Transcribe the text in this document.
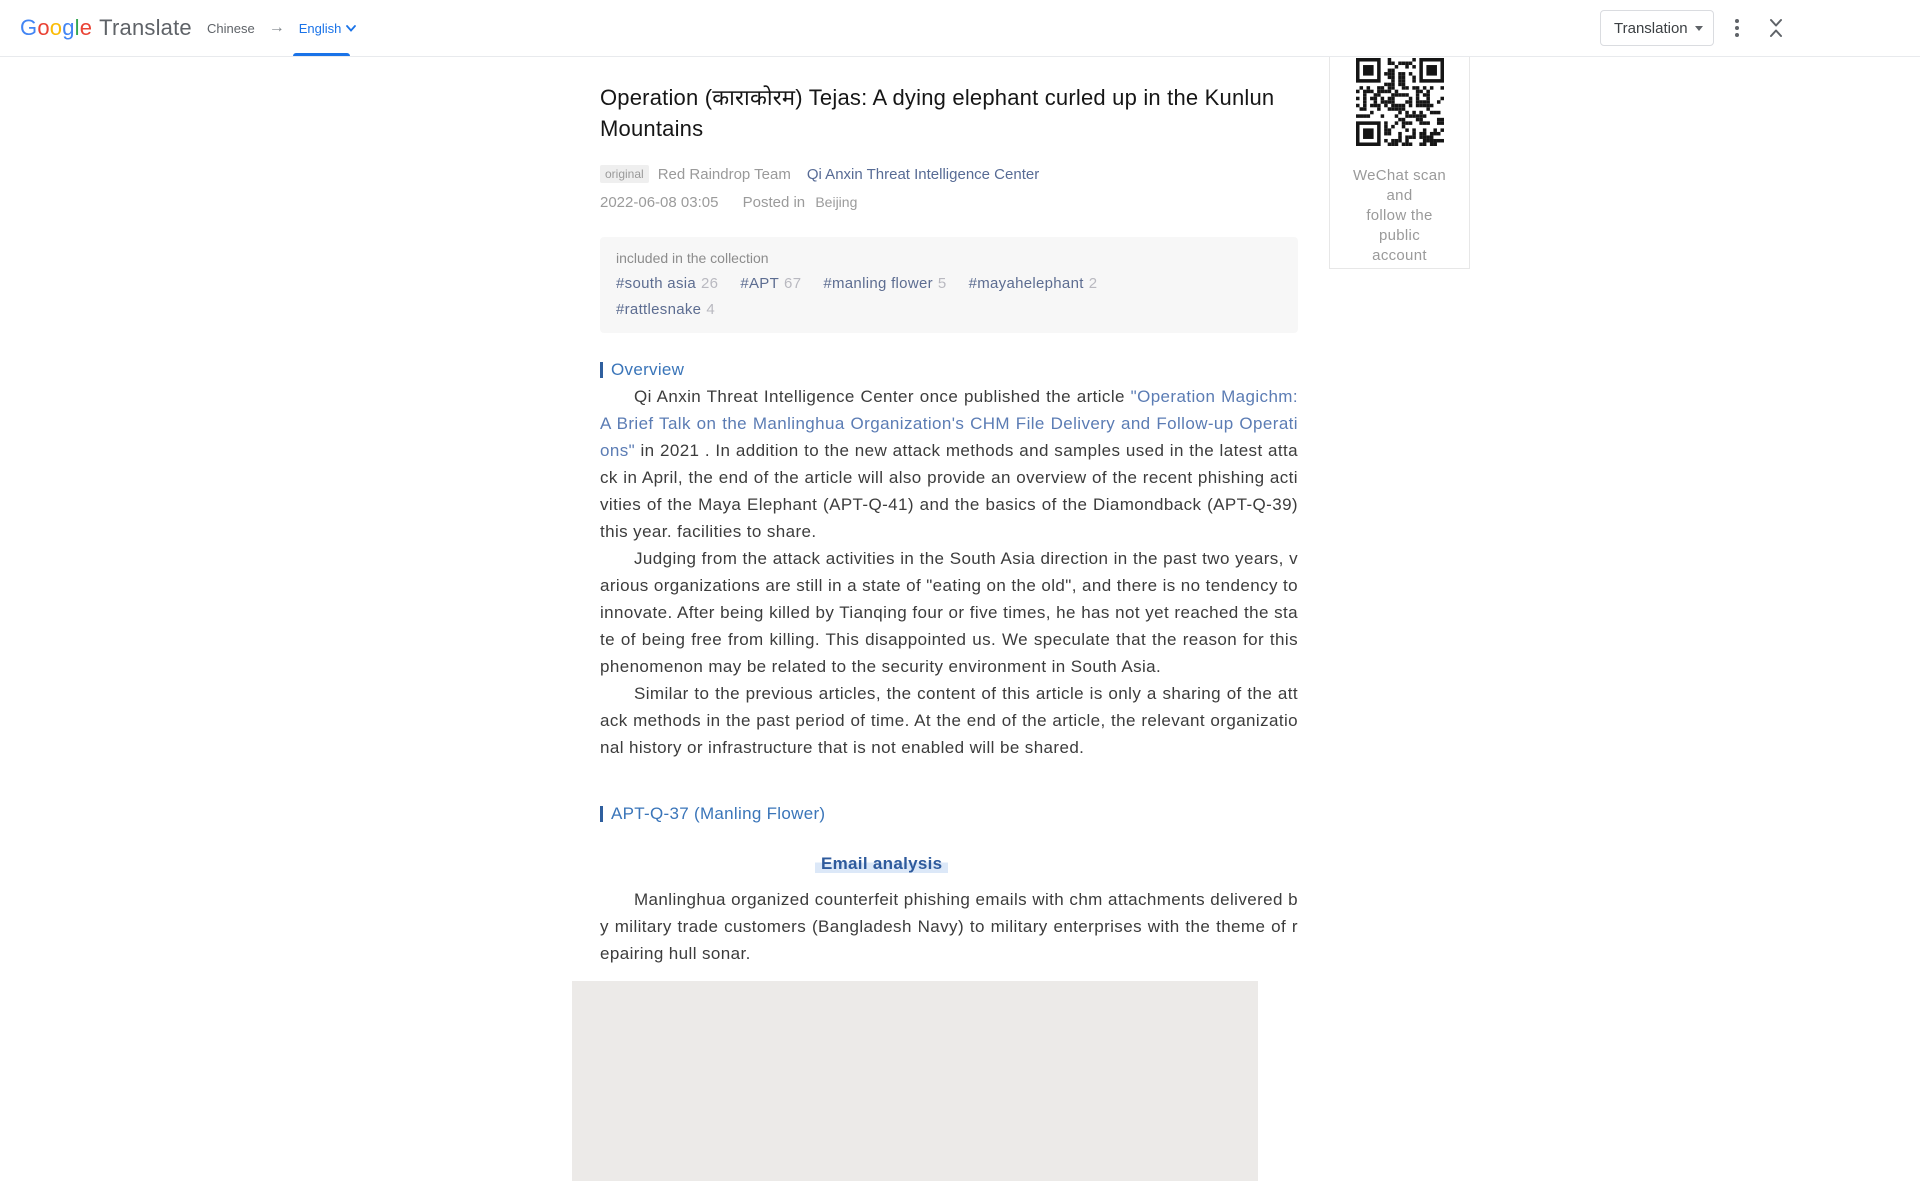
G o o g l e Translate Chinese → English	Translation
Operation (काराकोरम) Tejas: A dying elephant curled up in the Kunlun Mountains
original Red Raindrop Team Qi Anxin Threat Intelligence Center
2022-06-08 03:05 Posted in Beijing
included in the collection
#south asia 26 #APT 67 #manling flower 5 #mayahelephant 2
#rattlesnake 4
Overview

Qi Anxin Threat Intelligence Center once published the article "Operation Magichm: A Brief Talk on the Manlinghua Organization's CHM File Delivery and Follow-up Operations" in 2021 . In addition to the new attack methods and samples used in the latest attack in April, the end of the article will also provide an overview of the recent phishing activities of the Maya Elephant (APT-Q-41) and the basics of the Diamondback (APT-Q-39) this year. facilities to share.

Judging from the attack activities in the South Asia direction in the past two years, various organizations are still in a state of "eating on the old", and there is no tendency to innovate. After being killed by Tianqing four or five times, he has not yet reached the state of being free from killing. This disappointed us. We speculate that the reason for this phenomenon may be related to the security environment in South Asia.

Similar to the previous articles, the content of this article is only a sharing of the attack methods in the past period of time. At the end of the article, the relevant organizational history or infrastructure that is not enabled will be shared.

APT-Q-37 (Manling Flower)
Email analysis

Manlinghua organized counterfeit phishing emails with chm attachments delivered by military trade customers (Bangladesh Navy) to military enterprises with the theme of repairing hull sonar.

WeChat scan
and
follow the
public
account
